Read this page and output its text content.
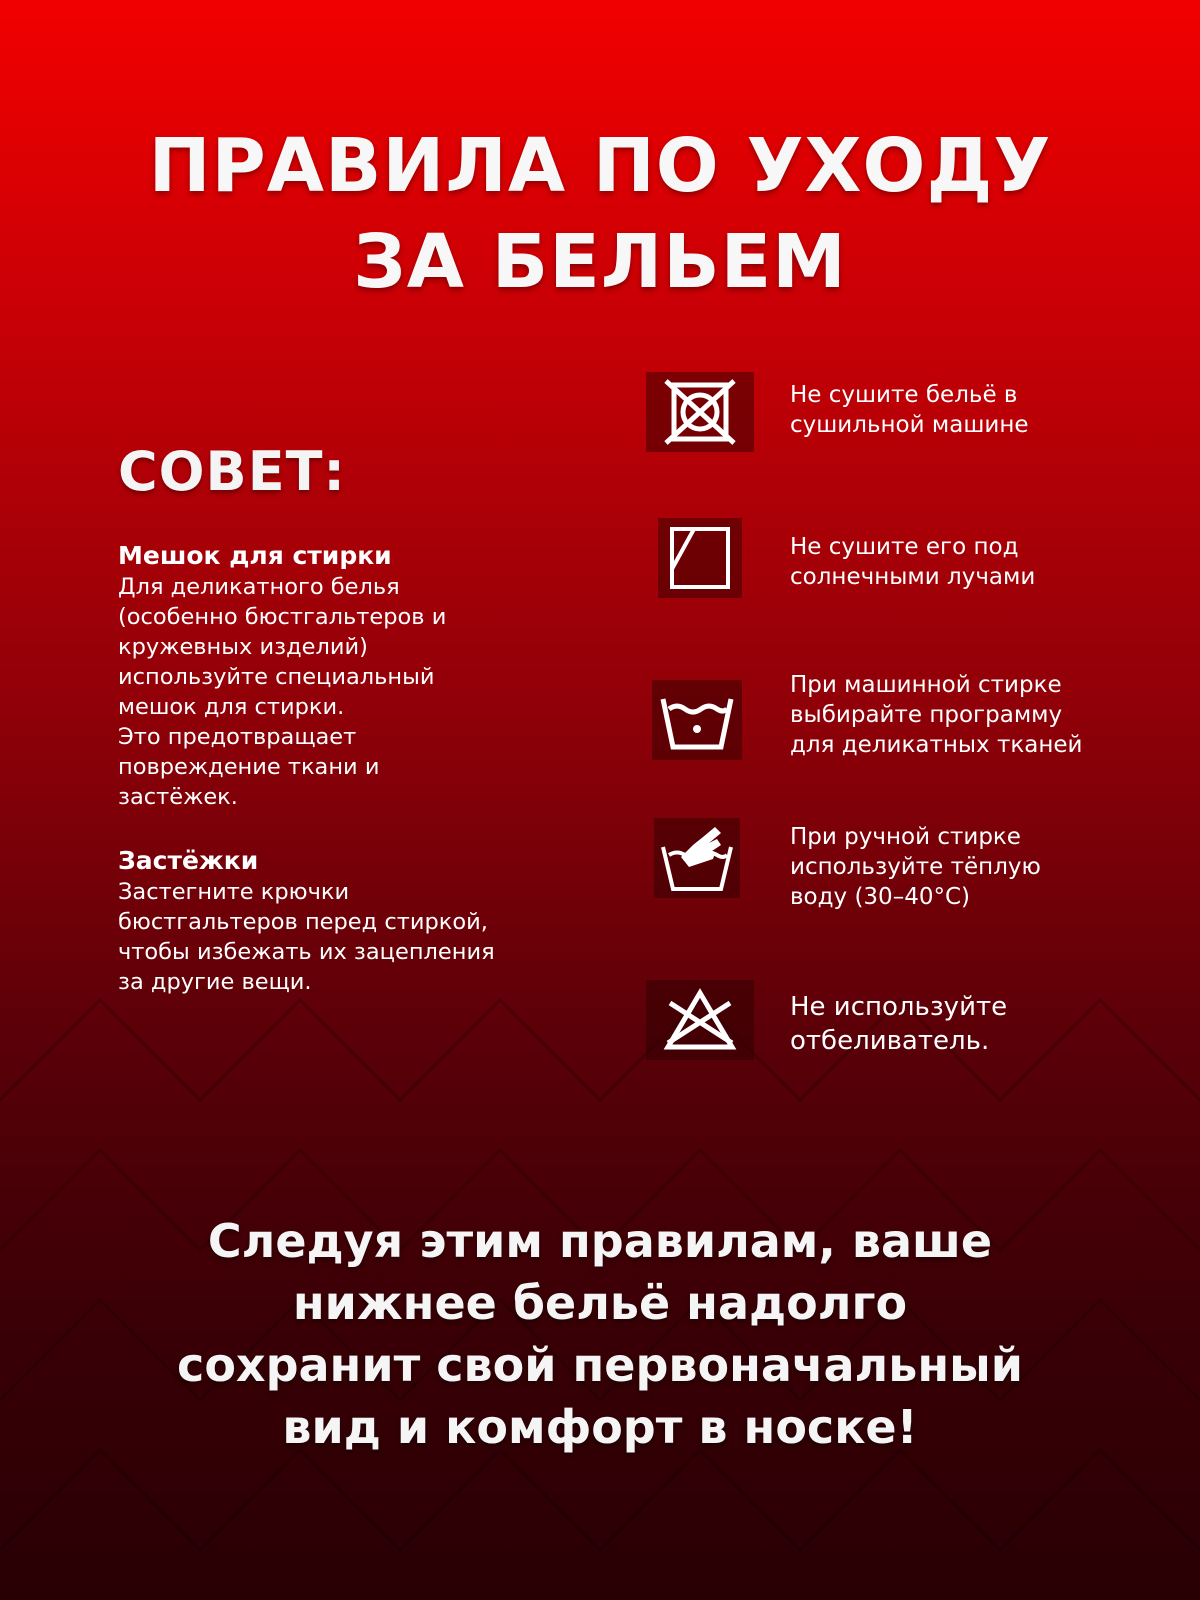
ПРАВИЛА ПО УХОДУ
ЗА БЕЛЬЕМ
СОВЕТ:
Мешок для стирки
Для деликатного белья
(особенно бюстгальтеров и
кружевных изделий)
используйте специальный
мешок для стирки.
Это предотвращает
повреждение ткани и
застёжек.
Застёжки
Застегните крючки
бюстгальтеров перед стиркой,
чтобы избежать их зацепления
за другие вещи.
Не сушите бельё в
сушильной машине
Не сушите его под
солнечными лучами
При машинной стирке
выбирайте программу
для деликатных тканей
При ручной стирке
используйте тёплую
воду (30–40°C)
Не используйте
отбеливатель.
Следуя этим правилам, ваше
нижнее бельё надолго
сохранит свой первоначальный
вид и комфорт в носке!
